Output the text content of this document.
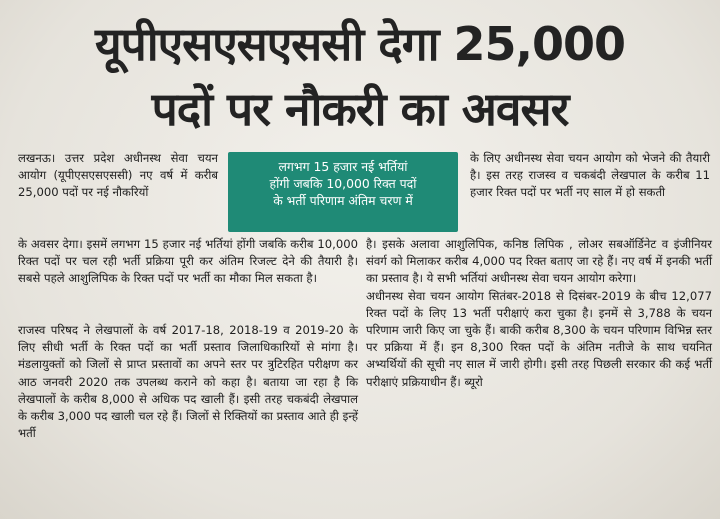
यूपीएसएसएससी देगा 25,000
पदों पर नौकरी का अवसर

लखनऊ। उत्तर प्रदेश अधीनस्थ सेवा चयन आयोग (यूपीएसएसएससी) नए वर्ष में करीब 25,000 पदों पर नई नौकरियों

लगभग 15 हजार नई भर्तियां
होंगी जबकि 10,000 रिक्त पदों
के भर्ती परिणाम अंतिम चरण में

के लिए अधीनस्थ सेवा चयन आयोग को भेजने की तैयारी है। इस तरह राजस्व व चकबंदी लेखपाल के करीब 11 हजार रिक्त पदों पर भर्ती नए साल में हो सकती

के अवसर देगा। इसमें लगभग 15 हजार नई भर्तियां होंगी जबकि करीब 10,000 रिक्त पदों पर चल रही भर्ती प्रक्रिया पूरी कर अंतिम रिजल्ट देने की तैयारी है। सबसे पहले आशुलिपिक के रिक्त पदों पर भर्ती का मौका मिल सकता है।

राजस्व परिषद ने लेखपालों के वर्ष 2017-18, 2018-19 व 2019-20 के लिए सीधी भर्ती के रिक्त पदों का भर्ती प्रस्ताव जिलाधिकारियों से मांगा है। मंडलायुक्तों को जिलों से प्राप्त प्रस्तावों का अपने स्तर पर त्रुटिरहित परीक्षण कर आठ जनवरी 2020 तक उपलब्ध कराने को कहा है। बताया जा रहा है कि लेखपालों के करीब 8,000 से अधिक पद खाली हैं। इसी तरह चकबंदी लेखपाल के करीब 3,000 पद खाली चल रहे हैं। जिलों से रिक्तियों का प्रस्ताव आते ही इन्हें भर्ती

है। इसके अलावा आशुलिपिक, कनिष्ठ लिपिक , लोअर सबऑर्डिनेट व इंजीनियर संवर्ग को मिलाकर करीब 4,000 पद रिक्त बताए जा रहे हैं। नए वर्ष में इनकी भर्ती का प्रस्ताव है। ये सभी भर्तियां अधीनस्थ सेवा चयन आयोग करेगा।

अधीनस्थ सेवा चयन आयोग सितंबर-2018 से दिसंबर-2019 के बीच 12,077 रिक्त पदों के लिए 13 भर्ती परीक्षाएं करा चुका है। इनमें से 3,788 के चयन परिणाम जारी किए जा चुके हैं। बाकी करीब 8,300 के चयन परिणाम विभिन्न स्तर पर प्रक्रिया में हैं। इन 8,300 रिक्त पदों के अंतिम नतीजे के साथ चयनित अभ्यर्थियों की सूची नए साल में जारी होगी। इसी तरह पिछली सरकार की कई भर्ती परीक्षाएं प्रक्रियाधीन हैं। ब्यूरो
